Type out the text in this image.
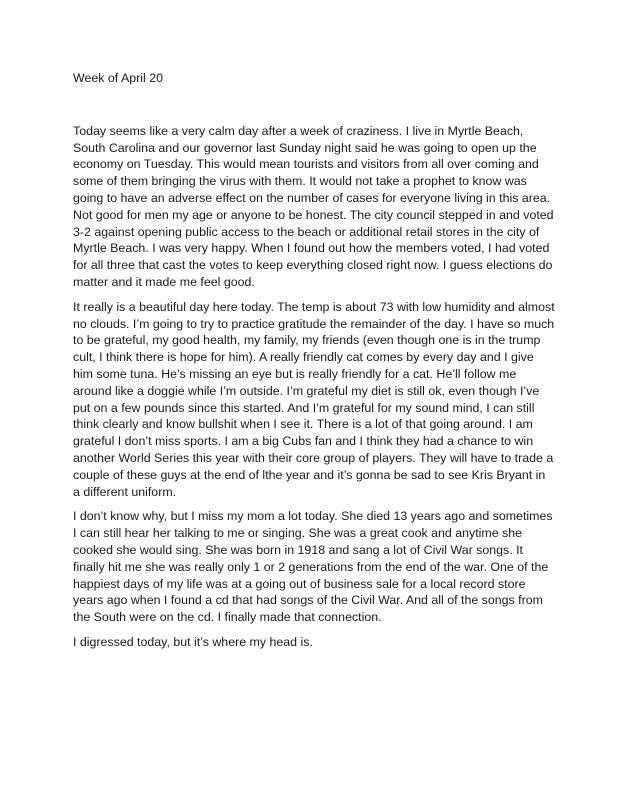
Week of April 20

Today seems like a very calm day after a week of craziness. I live in Myrtle Beach,
South Carolina and our governor last Sunday night said he was going to open up the
economy on Tuesday. This would mean tourists and visitors from all over coming and
some of them bringing the virus with them. It would not take a prophet to know was
going to have an adverse effect on the number of cases for everyone living in this area.
Not good for men my age or anyone to be honest. The city council stepped in and voted
3-2 against opening public access to the beach or additional retail stores in the city of
Myrtle Beach. I was very happy. When I found out how the members voted, I had voted
for all three that cast the votes to keep everything closed right now. I guess elections do
matter and it made me feel good.

It really is a beautiful day here today. The temp is about 73 with low humidity and almost
no clouds. I’m going to try to practice gratitude the remainder of the day. I have so much
to be grateful, my good health, my family, my friends (even though one is in the trump
cult, I think there is hope for him). A really friendly cat comes by every day and I give
him some tuna. He’s missing an eye but is really friendly for a cat. He’ll follow me
around like a doggie while I’m outside. I’m grateful my diet is still ok, even though I’ve
put on a few pounds since this started. And I’m grateful for my sound mind, I can still
think clearly and know bullshit when I see it. There is a lot of that going around. I am
grateful I don’t miss sports. I am a big Cubs fan and I think they had a chance to win
another World Series this year with their core group of players. They will have to trade a
couple of these guys at the end of lthe year and it’s gonna be sad to see Kris Bryant in
a different uniform.

I don’t know why, but I miss my mom a lot today. She died 13 years ago and sometimes
I can still hear her talking to me or singing. She was a great cook and anytime she
cooked she would sing. She was born in 1918 and sang a lot of Civil War songs. It
finally hit me she was really only 1 or 2 generations from the end of the war. One of the
happiest days of my life was at a going out of business sale for a local record store
years ago when I found a cd that had songs of the Civil War. And all of the songs from
the South were on the cd. I finally made that connection.

I digressed today, but it’s where my head is.
